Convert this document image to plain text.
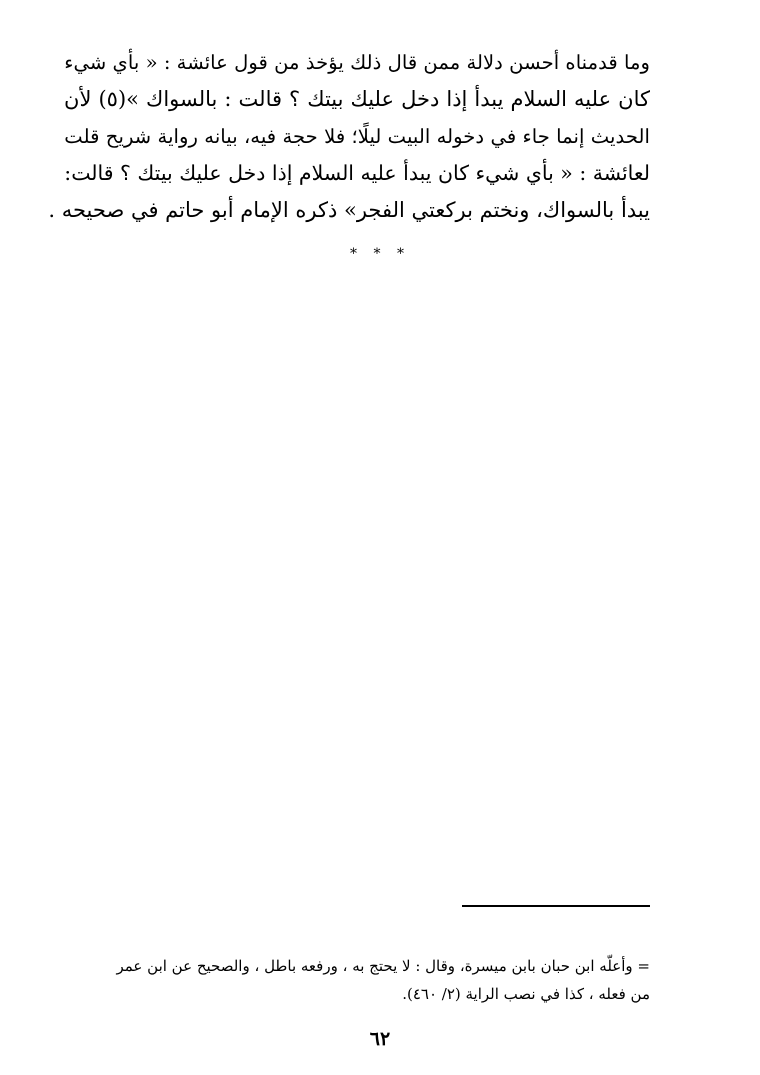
وما قدمناه أحسن دلالة ممن قال ذلك يؤخذ من قول عائشة : « بأي شيء
كان عليه السلام يبدأ إذا دخل عليك بيتك ؟ قالت : بالسواك »(٥) لأن
الحديث إنما جاء في دخوله البيت ليلًا؛ فلا حجة فيه، بيانه رواية شريح قلت
لعائشة : « بأي شيء كان يبدأ عليه السلام إذا دخل عليك بيتك ؟ قالت:
يبدأ بالسواك، ونختم بركعتي الفجر» ذكره الإمام أبو حاتم في صحيحه .
* * *
= وأعلّه ابن حبان بابن ميسرة، وقال : لا يحتج به ، ورفعه باطل ، والصحيح عن ابن عمر
من فعله ، كذا في نصب الراية (٢/ ٤٦٠).
٦٢
